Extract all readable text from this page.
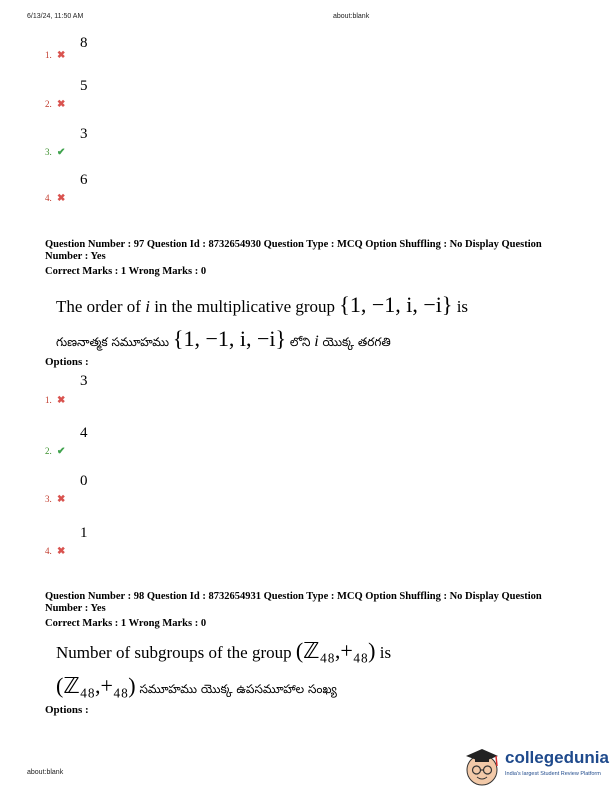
6/13/24, 11:50 AM	about:blank
8
1. ✖
5
2. ✖
3
3. ✔
6
4. ✖
Question Number : 97 Question Id : 8732654930 Question Type : MCQ Option Shuffling : No Display Question Number : Yes
Correct Marks : 1 Wrong Marks : 0
The order of i in the multiplicative group {1, −1, i, −i} is
గుణనాత్మక సమూహము {1, −1, i, −i} లోని i యొక్క తరగతి
Options :
3
1. ✖
4
2. ✔
0
3. ✖
1
4. ✖
Question Number : 98 Question Id : 8732654931 Question Type : MCQ Option Shuffling : No Display Question Number : Yes
Correct Marks : 1 Wrong Marks : 0
Number of subgroups of the group (ℤ₄₈,+₄₈) is
(ℤ₄₈,+₄₈) సమూహము యొక్క ఉపసమూహాల సంఖ్య
Options :
about:blank
collegedunia
India's largest Student Review Platform
